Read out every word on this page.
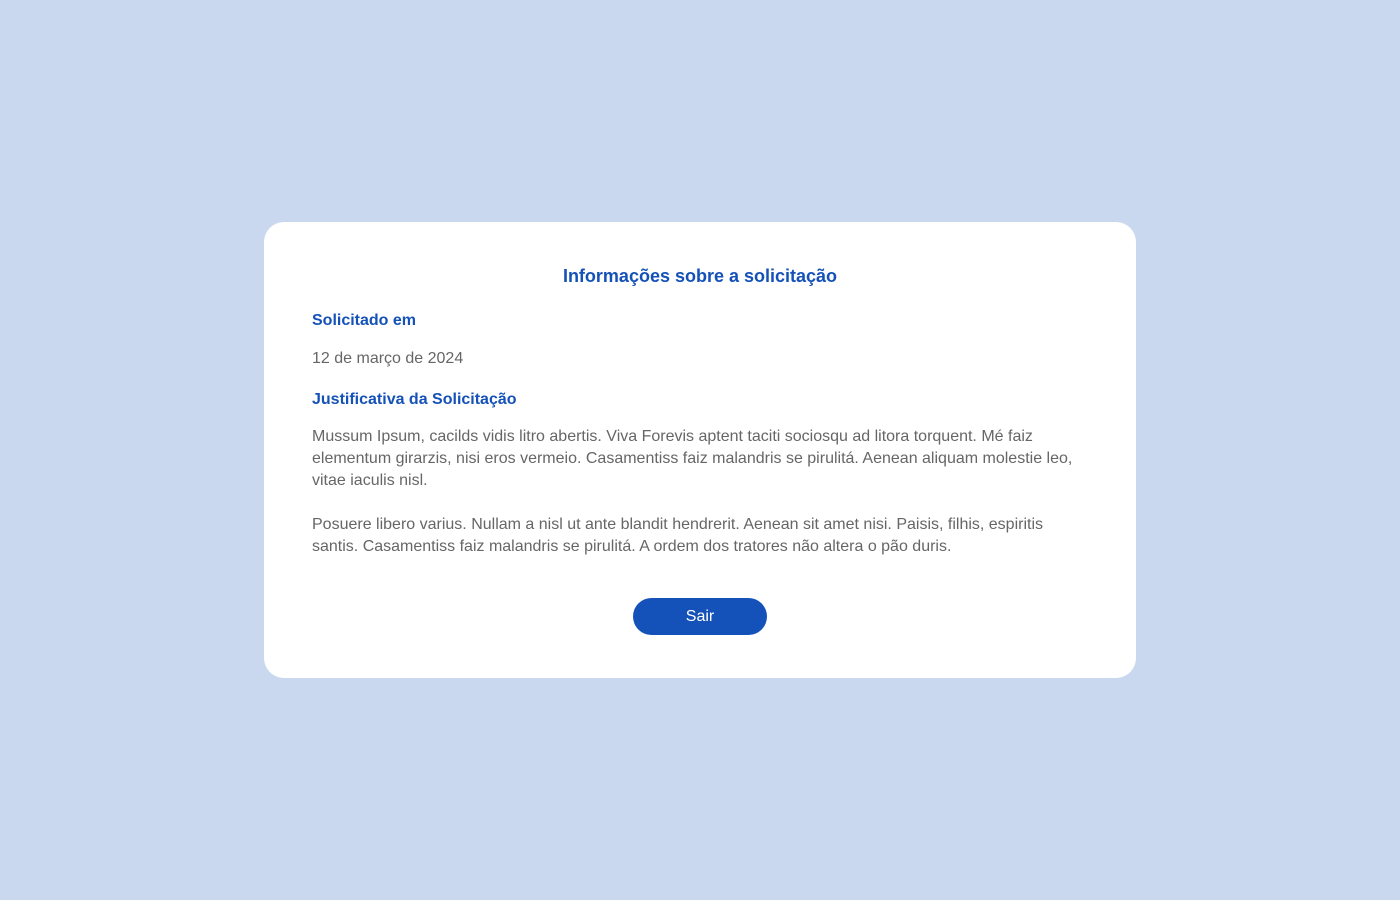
Informações sobre a solicitação
Solicitado em
12 de março de 2024
Justificativa da Solicitação

Mussum Ipsum, cacilds vidis litro abertis. Viva Forevis aptent taciti sociosqu ad litora torquent. Mé faiz elementum girarzis, nisi eros vermeio. Casamentiss faiz malandris se pirulitá. Aenean aliquam molestie leo, vitae iaculis nisl.

Posuere libero varius. Nullam a nisl ut ante blandit hendrerit. Aenean sit amet nisi. Paisis, filhis, espiritis santis. Casamentiss faiz malandris se pirulitá. A ordem dos tratores não altera o pão duris.

Sair
